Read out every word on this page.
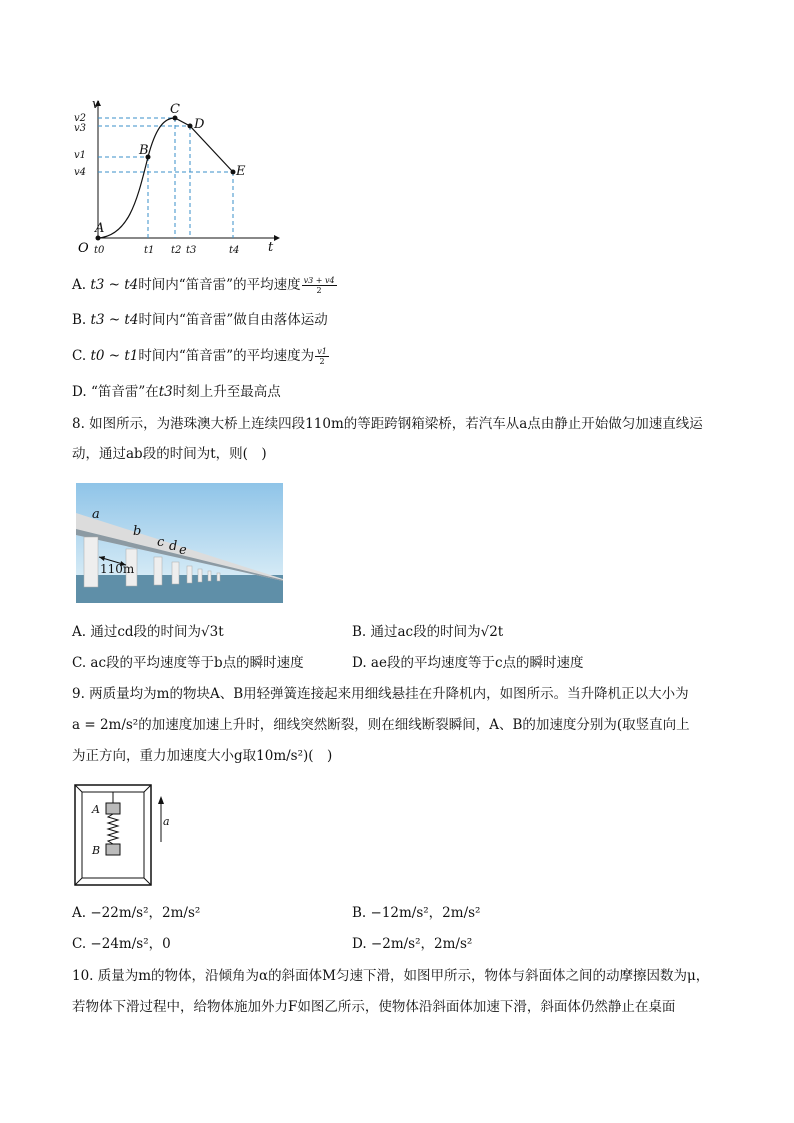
v
t
A
B
C
D
E
O
v2
v3
v1
v4
t0	t1 t2 t3	t4
A. t3 ~ t4时间内“笛音雷”的平均速度 $\frac{v3 + v4}{2}$
B. t3 ~ t4时间内“笛音雷”做自由落体运动
C. t0 ~ t1时间内“笛音雷”的平均速度为 $\frac{v1}{2}$
D. “笛音雷”在t3时刻上升至最高点
8. 如图所示，为港珠澳大桥上连续四段110m的等距跨钢箱梁桥，若汽车从a点由静止开始做匀加速直线运
动，通过ab段的时间为t，则(　)
a
b
c d e
110m
A. 通过cd段的时间为√3t	B. 通过ac段的时间为√2t
C. ac段的平均速度等于b点的瞬时速度	D. ae段的平均速度等于c点的瞬时速度
9. 两质量均为m的物块A、B用轻弹簧连接起来用细线悬挂在升降机内，如图所示。当升降机正以大小为
a = 2m/s²的加速度加速上升时，细线突然断裂，则在细线断裂瞬间，A、B的加速度分别为(取竖直向上
为正方向，重力加速度大小g取10m/s²)(　)
A
B
a
A. −22m/s²，2m/s²	B. −12m/s²，2m/s²
C. −24m/s²，0	D. −2m/s²，2m/s²
10. 质量为m的物体，沿倾角为α的斜面体M匀速下滑，如图甲所示，物体与斜面体之间的动摩擦因数为μ，
若物体下滑过程中，给物体施加外力F如图乙所示，使物体沿斜面体加速下滑，斜面体仍然静止在桌面
